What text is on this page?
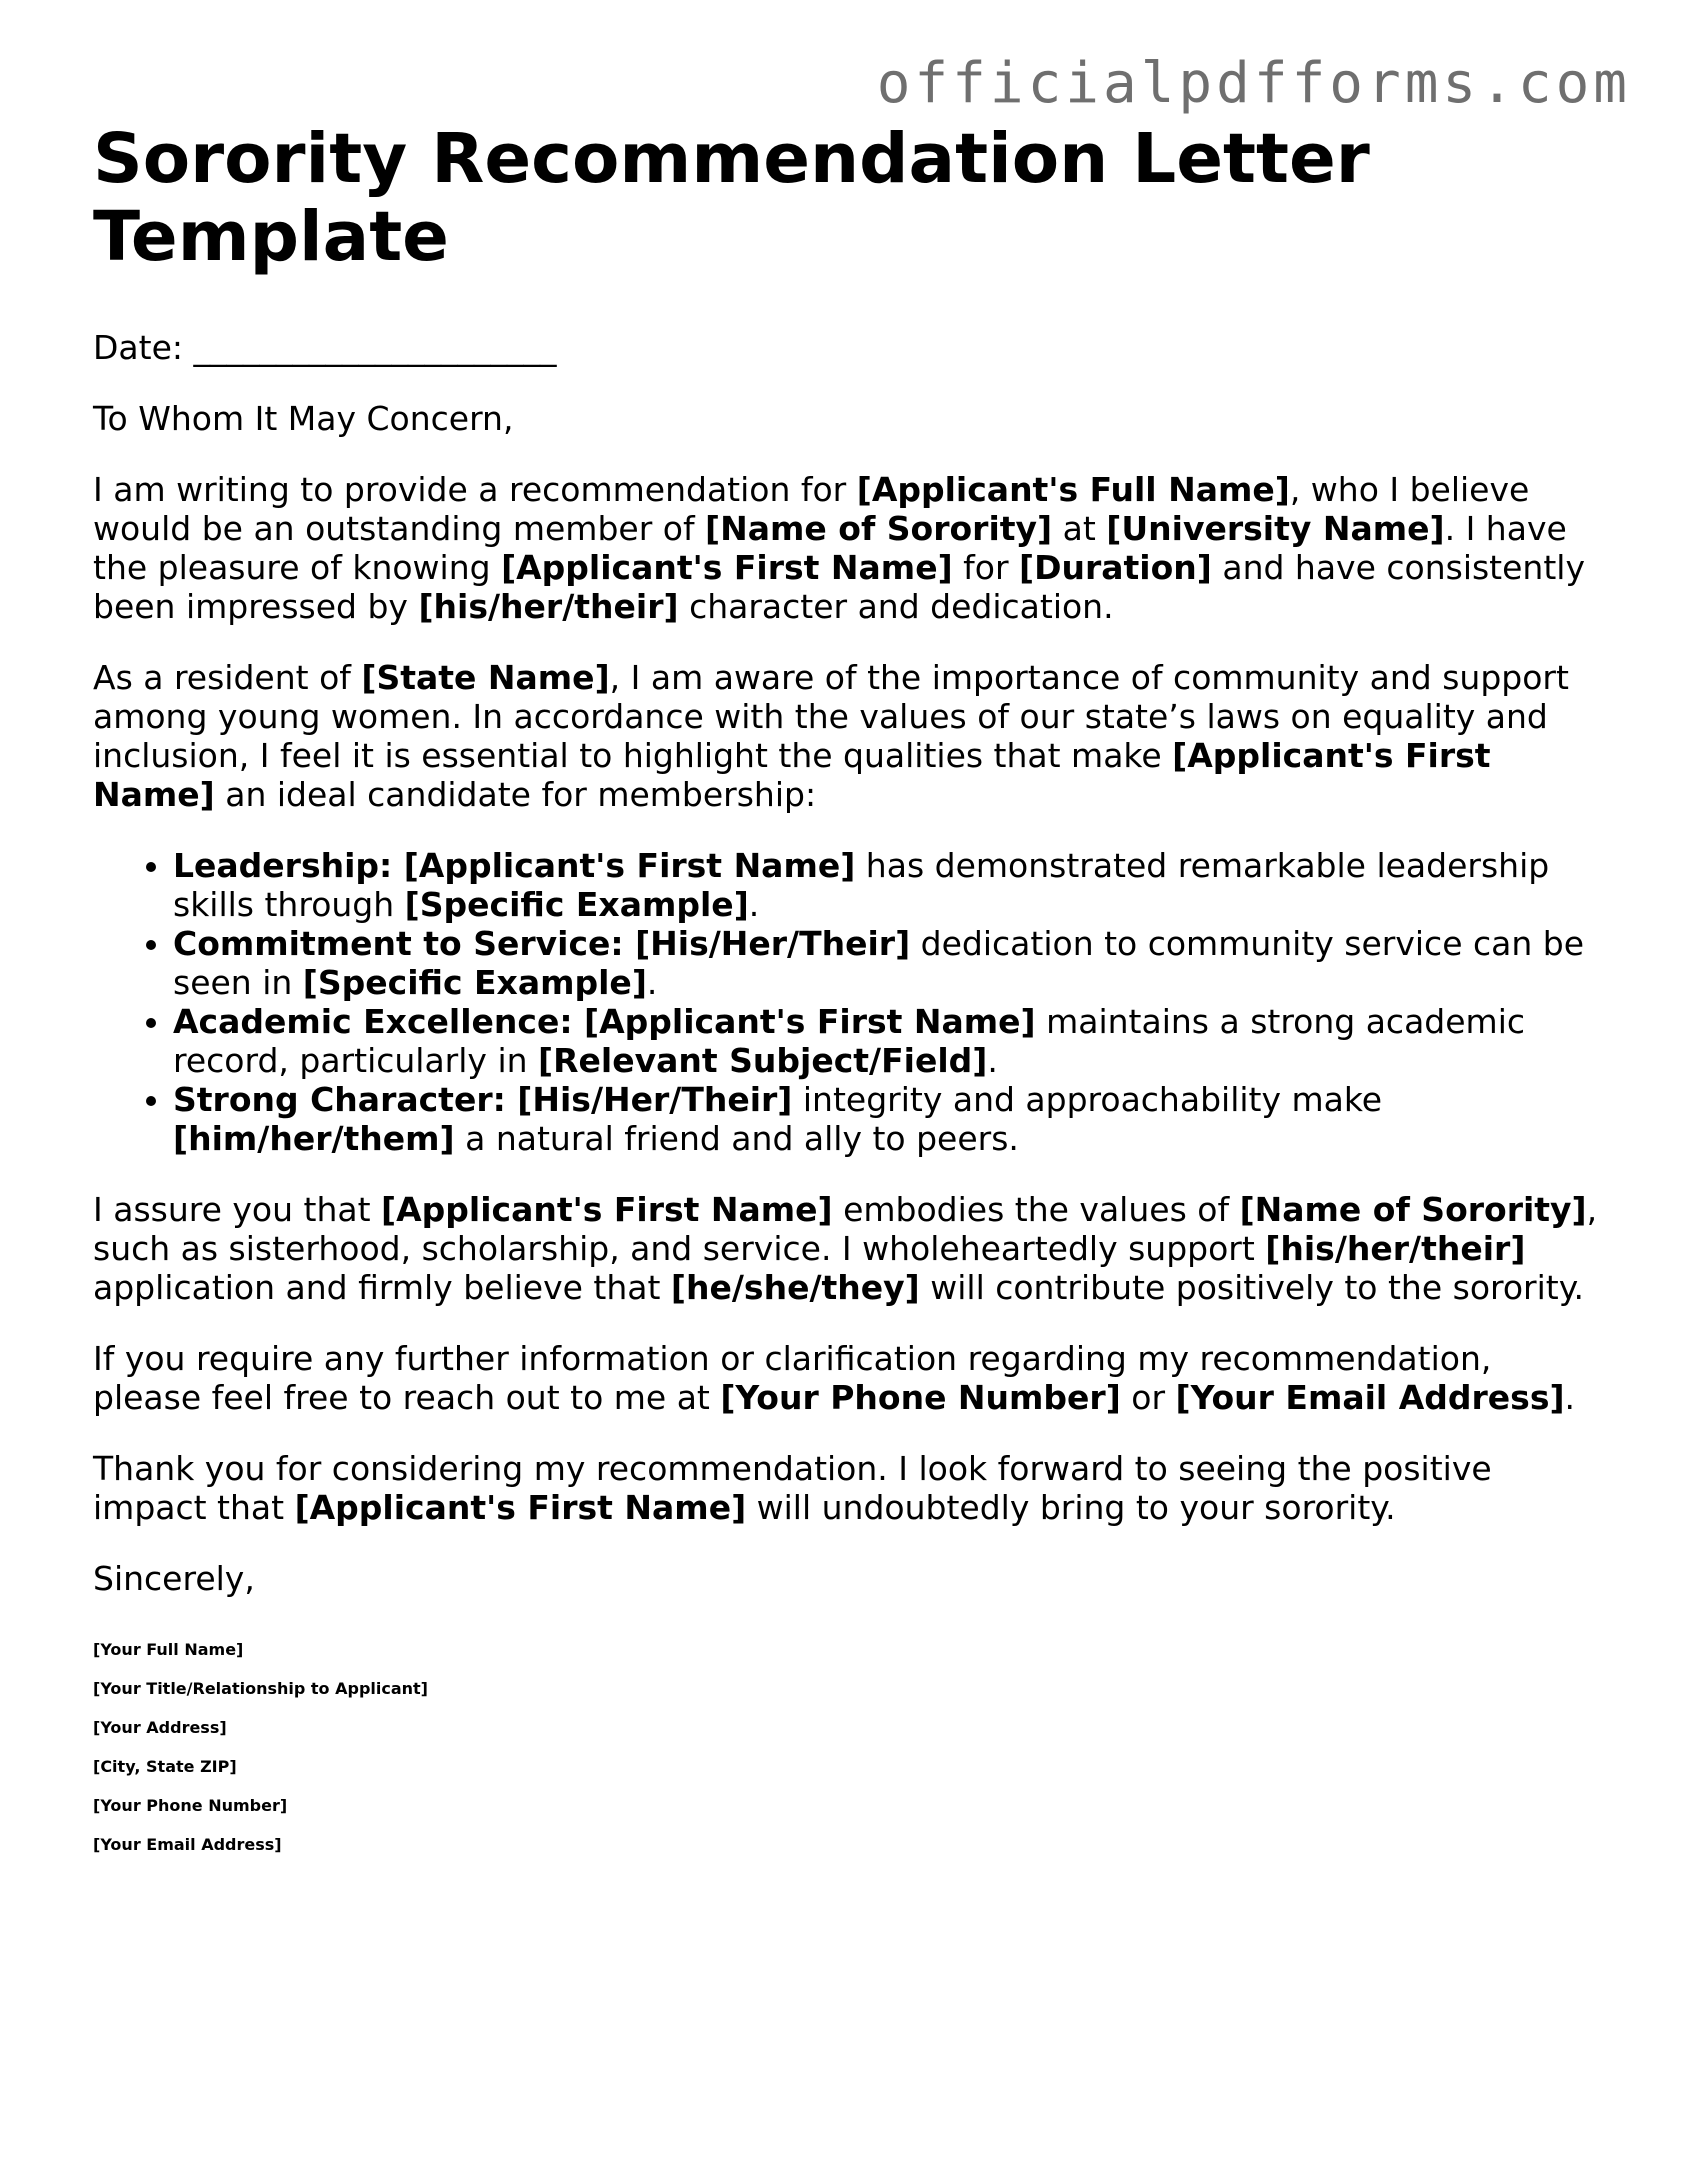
officialpdfforms.com
Sorority Recommendation Letter Template

Date: ______________________

To Whom It May Concern,

I am writing to provide a recommendation for [Applicant's Full Name], who I believe would be an outstanding member of [Name of Sorority] at [University Name]. I have the pleasure of knowing [Applicant's First Name] for [Duration] and have consistently been impressed by [his/her/their] character and dedication.

As a resident of [State Name], I am aware of the importance of community and support among young women. In accordance with the values of our state’s laws on equality and inclusion, I feel it is essential to highlight the qualities that make [Applicant's First Name] an ideal candidate for membership:

• Leadership: [Applicant's First Name] has demonstrated remarkable leadership skills through [Specific Example].
• Commitment to Service: [His/Her/Their] dedication to community service can be seen in [Specific Example].
• Academic Excellence: [Applicant's First Name] maintains a strong academic record, particularly in [Relevant Subject/Field].
• Strong Character: [His/Her/Their] integrity and approachability make [him/her/them] a natural friend and ally to peers.

I assure you that [Applicant's First Name] embodies the values of [Name of Sorority], such as sisterhood, scholarship, and service. I wholeheartedly support [his/her/their] application and firmly believe that [he/she/they] will contribute positively to the sorority.

If you require any further information or clarification regarding my recommendation, please feel free to reach out to me at [Your Phone Number] or [Your Email Address].

Thank you for considering my recommendation. I look forward to seeing the positive impact that [Applicant's First Name] will undoubtedly bring to your sorority.

Sincerely,

[Your Full Name]
[Your Title/Relationship to Applicant]
[Your Address]
[City, State ZIP]
[Your Phone Number]
[Your Email Address]
